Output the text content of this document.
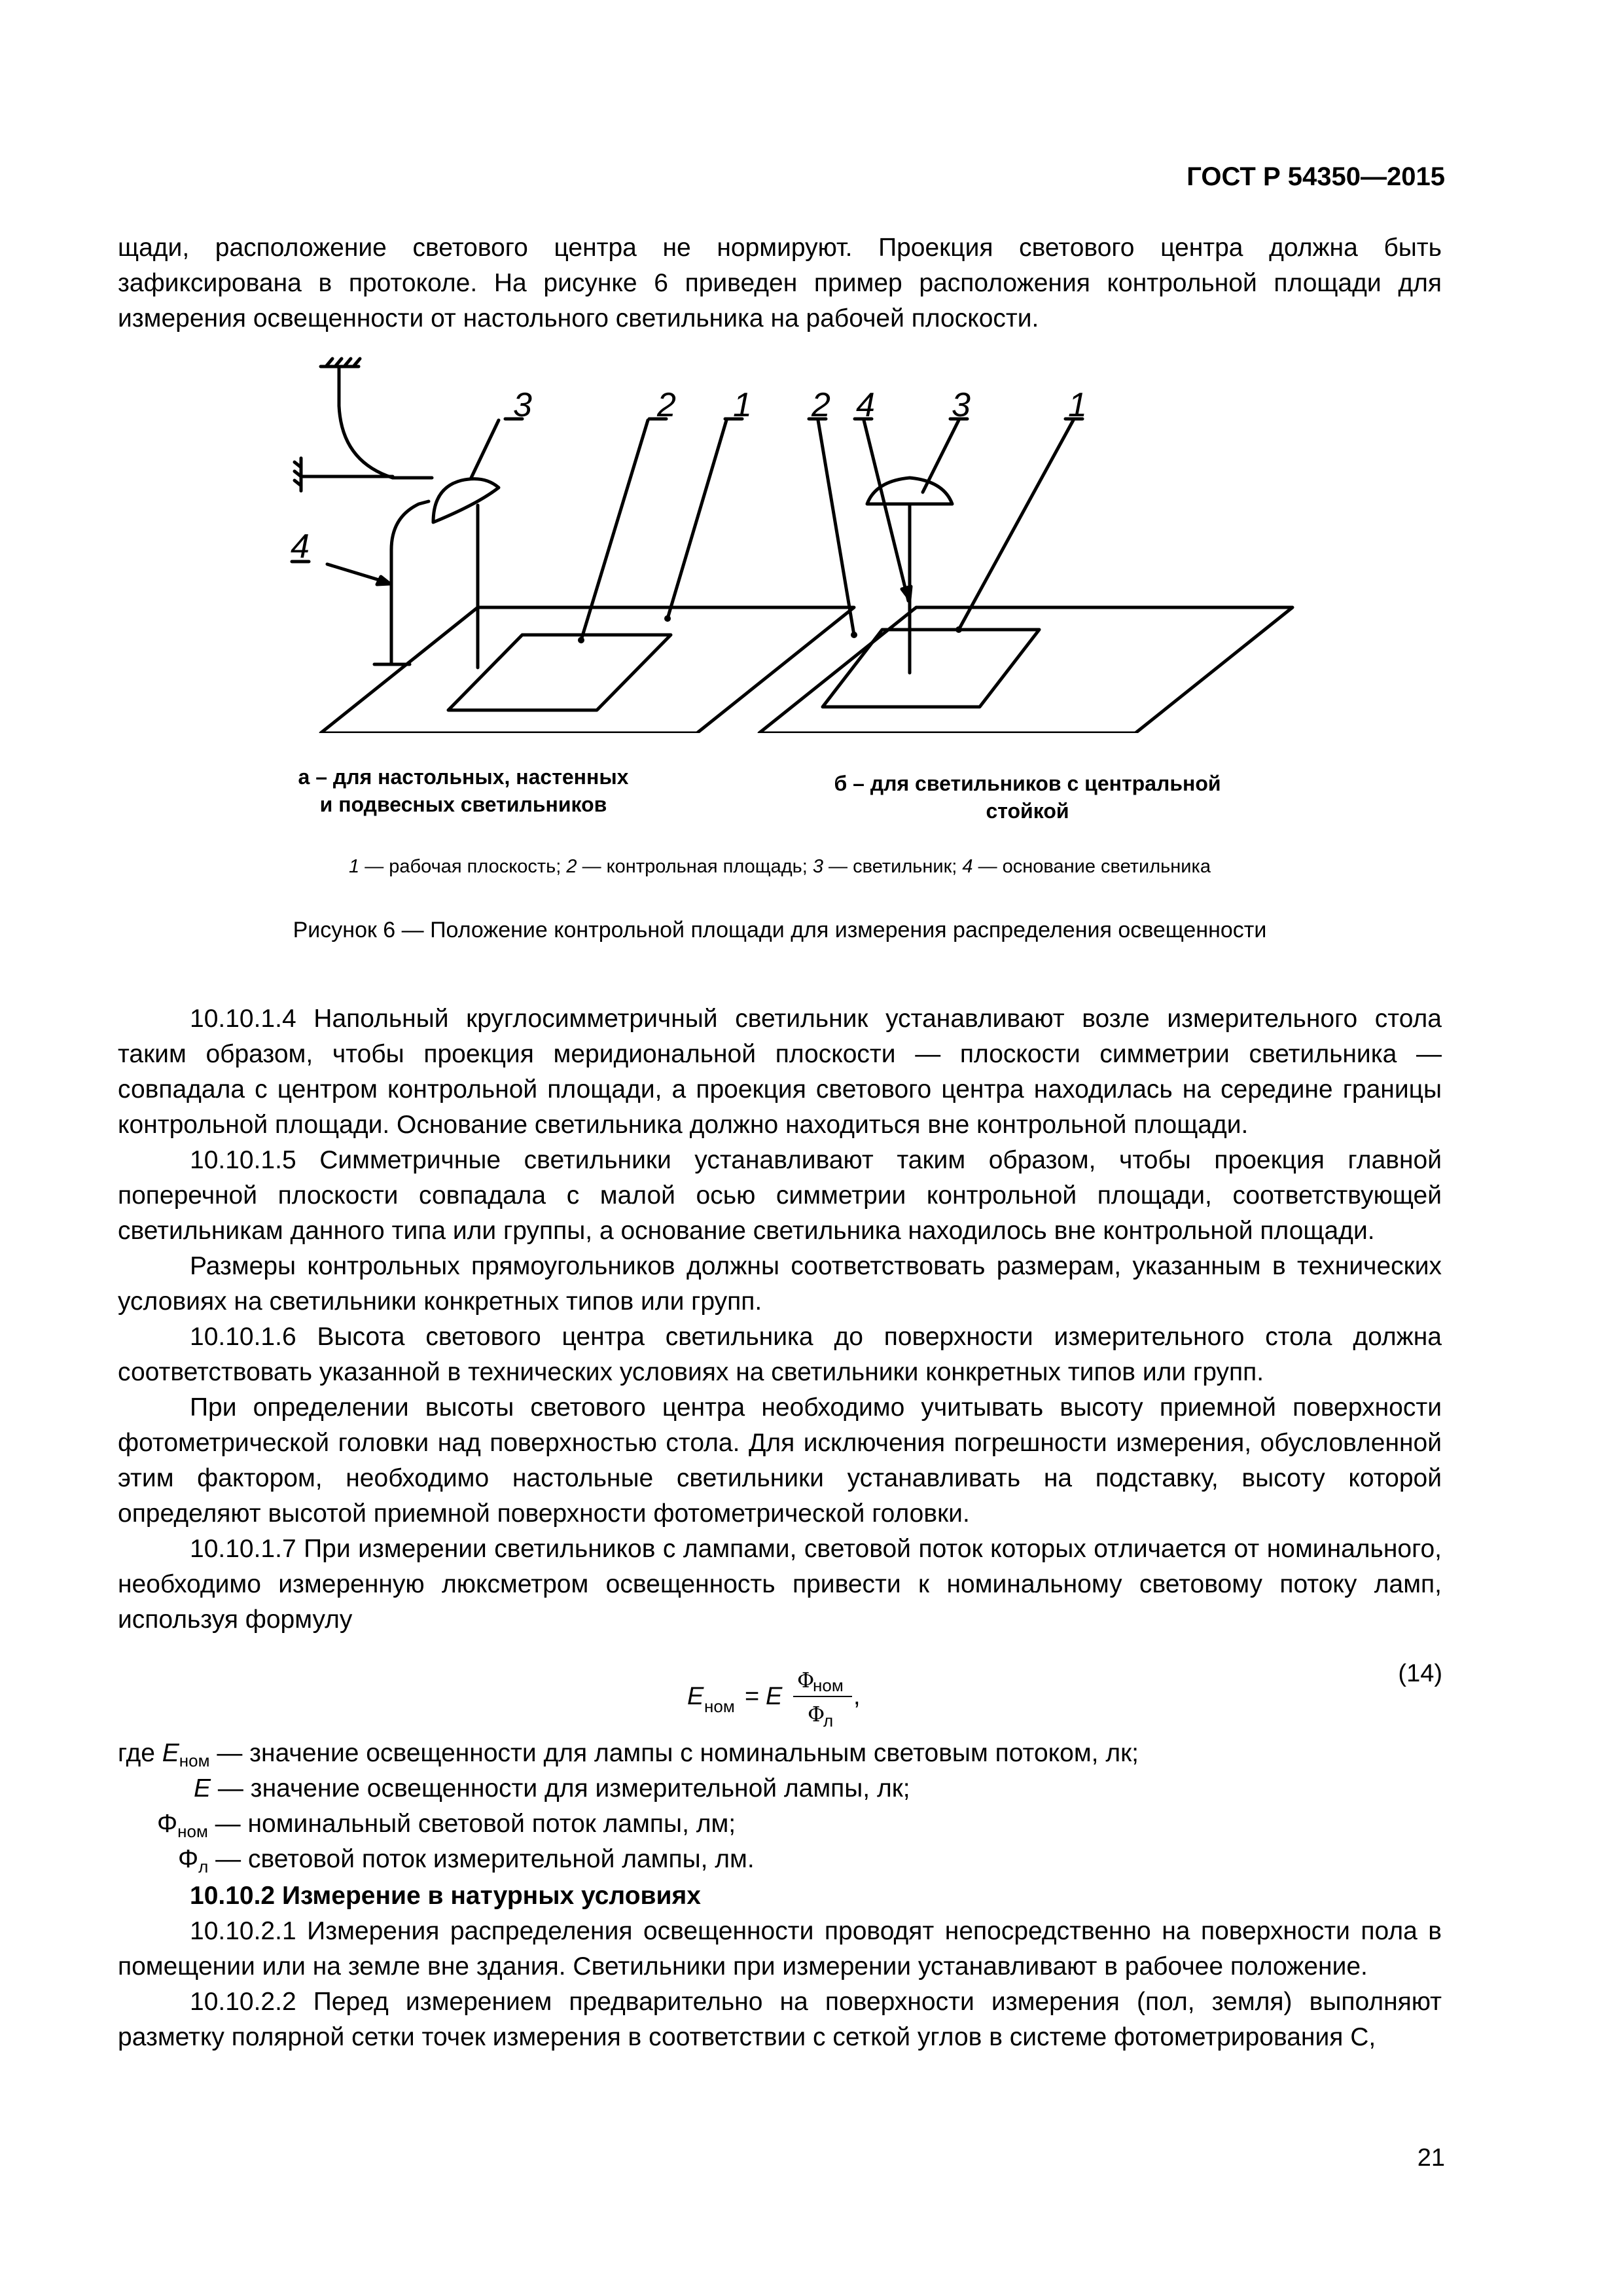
ГОСТ Р 54350—2015

щади, расположение светового центра не нормируют. Проекция светового центра должна быть зафиксирована в протоколе. На рисунке 6 приведен пример расположения контрольной площади для измерения освещенности от настольного светильника на рабочей плоскости.

3	2 1
4
2 4 3	1
а – для настольных, настенных
и подвесных светильников
б – для светильников с центральной
стойкой
1 — рабочая плоскость; 2 — контрольная площадь; 3 — светильник; 4 — основание светильника
Рисунок 6 — Положение контрольной площади для измерения распределения освещенности

10.10.1.4 Напольный круглосимметричный светильник устанавливают возле измерительного стола таким образом, чтобы проекция меридиональной плоскости — плоскости симметрии светильника — совпадала с центром контрольной площади, а проекция светового центра находилась на середине границы контрольной площади. Основание светильника должно находиться вне контрольной площади.

10.10.1.5 Симметричные светильники устанавливают таким образом, чтобы проекция главной поперечной плоскости совпадала с малой осью симметрии контрольной площади, соответствующей светильникам данного типа или группы, а основание светильника находилось вне контрольной площади.

Размеры контрольных прямоугольников должны соответствовать размерам, указанным в технических условиях на светильники конкретных типов или групп.

10.10.1.6 Высота светового центра светильника до поверхности измерительного стола должна соответствовать указанной в технических условиях на светильники конкретных типов или групп.

При определении высоты светового центра необходимо учитывать высоту приемной поверхности фотометрической головки над поверхностью стола. Для исключения погрешности измерения, обусловленной этим фактором, необходимо настольные светильники устанавливать на подставку, высоту которой определяют высотой приемной поверхности фотометрической головки.

10.10.1.7 При измерении светильников с лампами, световой поток которых отличается от номинального, необходимо измеренную люксметром освещенность привести к номинальному световому потоку ламп, используя формулу

E ном = E
Φ
ном
Φ
л
,
(14)
где $E_{ном}$ — значение освещенности для лампы с номинальным световым потоком, лк;
E — значение освещенности для измерительной лампы, лк;
$\Phi_{ном}$ — номинальный световой поток лампы, лм;
$\Phi_л$ — световой поток измерительной лампы, лм.

10.10.2 Измерение в натурных условиях

10.10.2.1 Измерения распределения освещенности проводят непосредственно на поверхности пола в помещении или на земле вне здания. Светильники при измерении устанавливают в рабочее положение.

10.10.2.2 Перед измерением предварительно на поверхности измерения (пол, земля) выполняют разметку полярной сетки точек измерения в соответствии с сеткой углов в системе фотометрирования C,

21
